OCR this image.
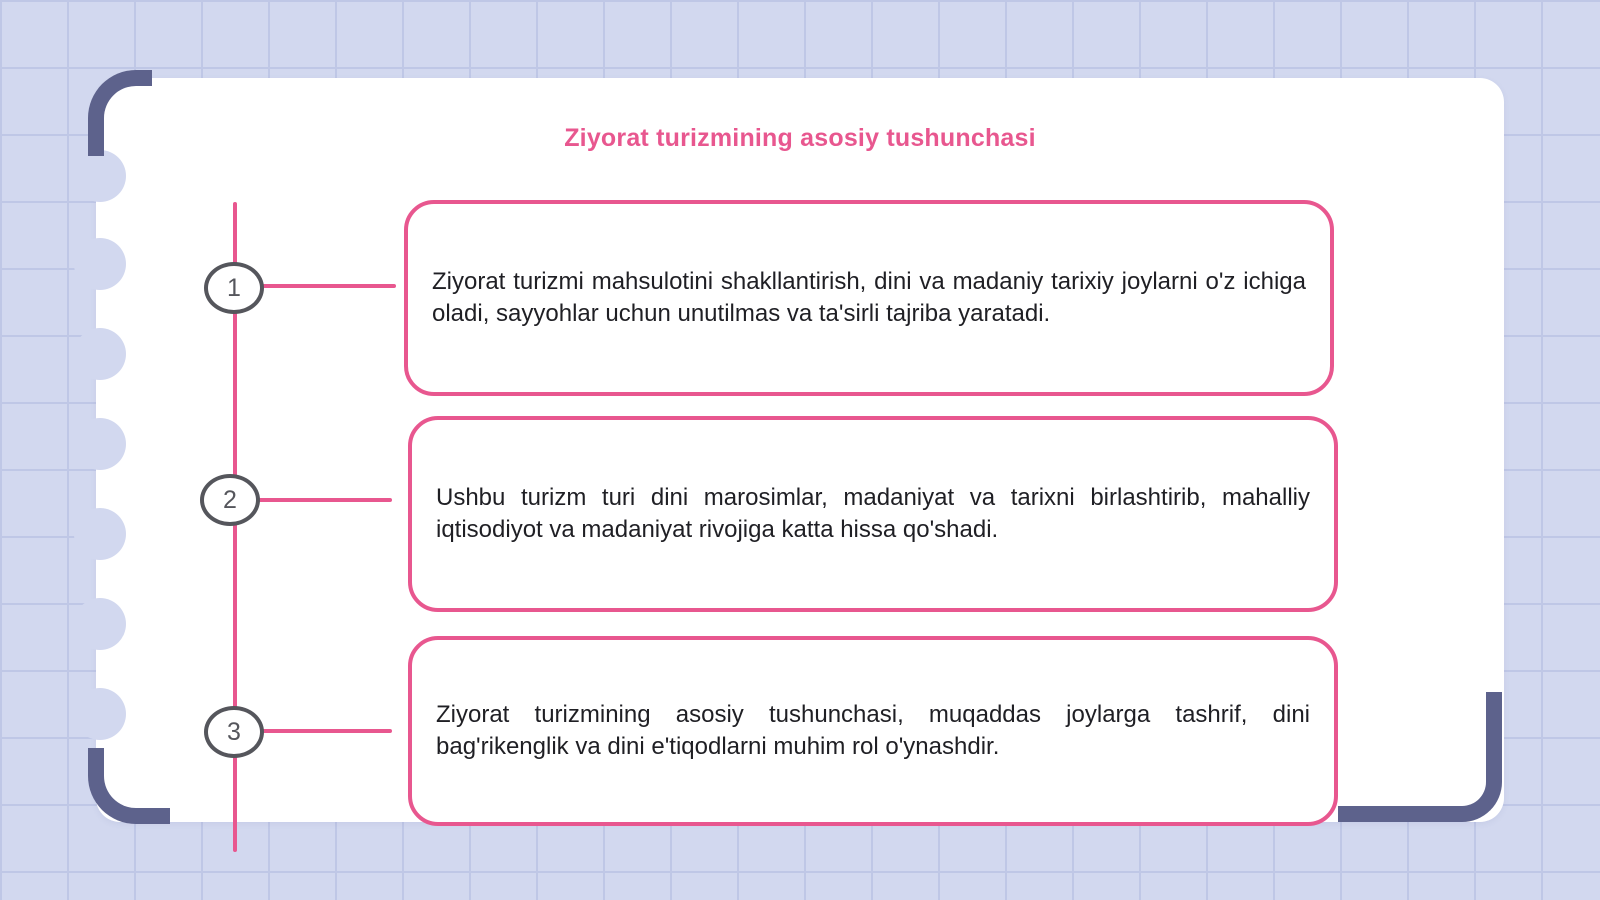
Ziyorat turizmining asosiy tushunchasi
1	Ziyorat turizmi mahsulotini shakllantirish, dini va madaniy tarixiy joylarni o'z ichiga oladi, sayyohlar uchun unutilmas va ta'sirli tajriba yaratadi.

2	Ushbu turizm turi dini marosimlar, madaniyat va tarixni birlashtirib, mahalliy iqtisodiyot va madaniyat rivojiga katta hissa qo'shadi.

3

Ziyorat turizmining asosiy tushunchasi, muqaddas joylarga tashrif, dini bag'rikenglik va dini e'tiqodlarni muhim rol o'ynashdir.
